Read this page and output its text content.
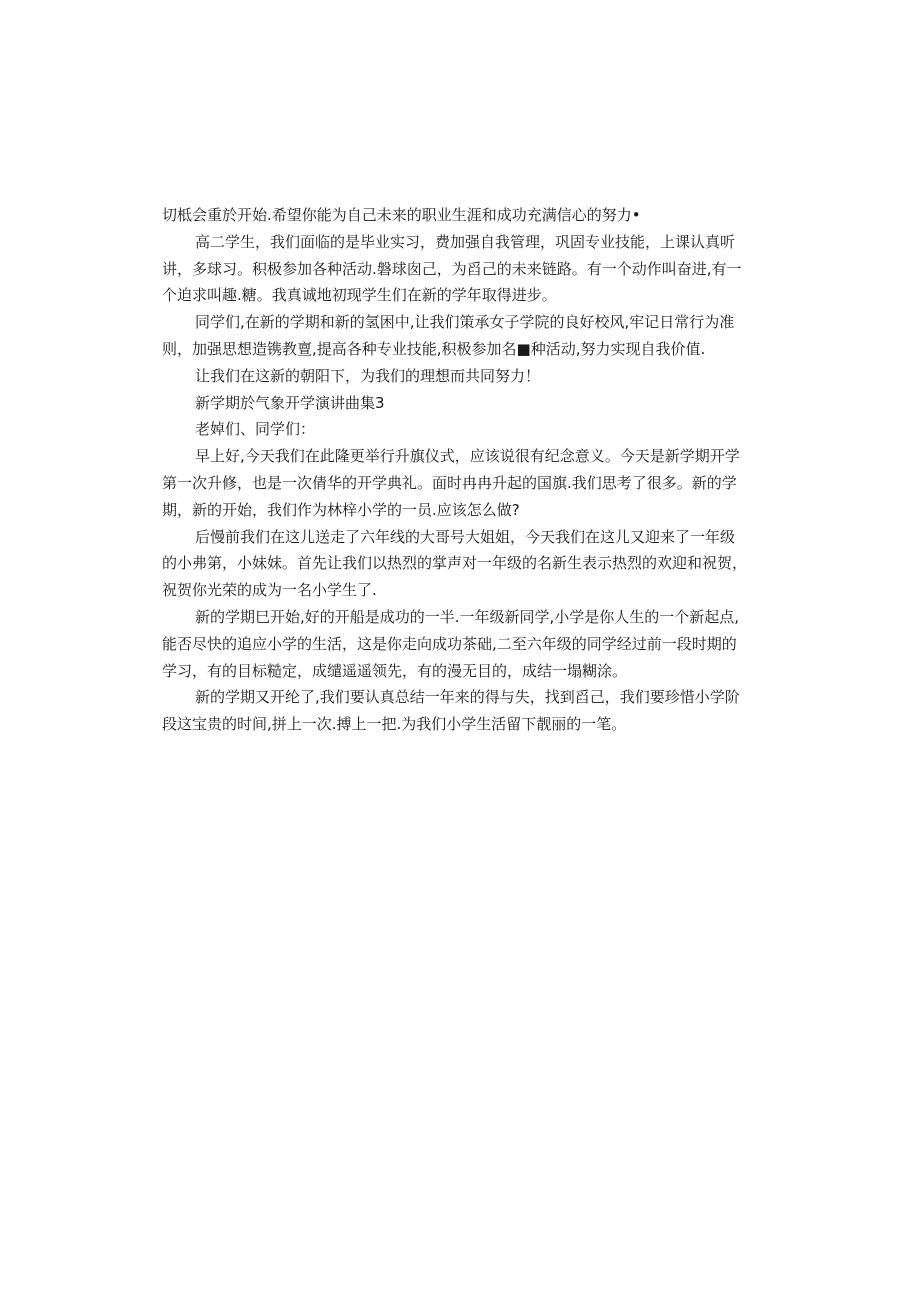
切柢会重於开始.希望你能为自己未来的职业生涯和成功充满信心的努力•
高二学生，我们面临的是毕业实习，费加强自我管理，巩固专业技能，上课认真听
讲，多球习。积极参加各种活动.磐球囱己，为舀己的未来链路。有一个动作叫奋进,有一
个迫求叫趣.糖。我真诚地初现学生们在新的学年取得进步。
同学们,在新的学期和新的氢困中,让我们策承女子学院的良好校风,牢记日常行为准
则，加强思想造镌教亶,提高各种专业技能,积极参加名■种活动,努力实现自我价值.
让我们在这新的朝阳下，为我们的理想而共同努力！
新学期於气象开学演讲曲集3
老婥们、同学们：
早上好,今天我们在此隆更举行升旗仪式，应该说很有纪念意义。今天是新学期开学
第一次升修，也是一次倩华的开学典礼。面时冉冉升起的国旗.我们思考了很多。新的学
期，新的开始，我们作为林梓小学的一员.应该怎么做?
后慢前我们在这儿送走了六年线的大哥号大姐姐，今天我们在这儿又迎来了一年级
的小弗第，小妹妹。首先让我们以热烈的掌声对一年级的名新生表示热烈的欢迎和祝贺，
祝贺你光荣的成为一名小学生了.
新的学期巳开始,好的开船是成功的一半.一年级新同学,小学是你人生的一个新起点,
能否尽快的追应小学的生活，这是你走向成功茶础,二至六年级的同学经过前一段时期的
学习，有的目标糙定，成缱遥遥领先，有的漫无目的，成结一塌糊涂。
新的学期又开纶了,我们要认真总结一年来的得与失，找到舀己，我们要珍惜小学阶
段这宝贵的时间,拼上一次.搏上一把.为我们小学生活留下靓丽的一笔。
